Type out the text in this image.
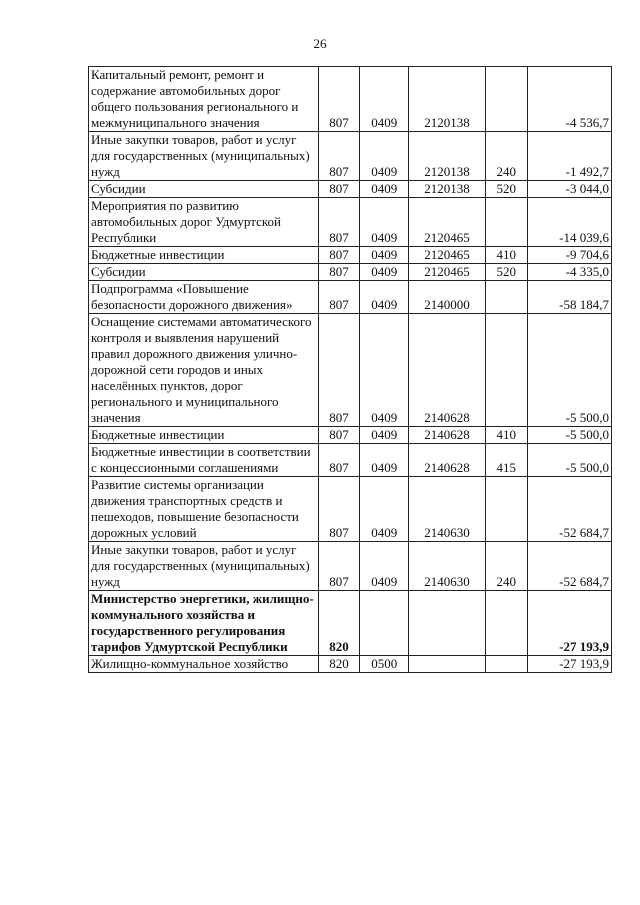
26
Капитальный ремонт, ремонт и содержание автомобильных дорог общего пользования регионального и межмуниципального значения	807	0409	2120138		-4 536,7
Иные закупки товаров, работ и услуг для государственных (муниципальных) нужд	807	0409	2120138	240	-1 492,7
Субсидии	807	0409	2120138	520	-3 044,0
Мероприятия по развитию автомобильных дорог Удмуртской Республики	807	0409	2120465		-14 039,6
Бюджетные инвестиции	807	0409	2120465	410	-9 704,6
Субсидии	807	0409	2120465	520	-4 335,0
Подпрограмма «Повышение безопасности дорожного движения»	807	0409	2140000		-58 184,7
Оснащение системами автоматического контроля и выявления нарушений правил дорожного движения улично-дорожной сети городов и иных населённых пунктов, дорог регионального и муниципального значения	807	0409	2140628		-5 500,0
Бюджетные инвестиции	807	0409	2140628	410	-5 500,0
Бюджетные инвестиции в соответствии с концессионными соглашениями	807	0409	2140628	415	-5 500,0
Развитие системы организации движения транспортных средств и пешеходов, повышение безопасности дорожных условий	807	0409	2140630		-52 684,7
Иные закупки товаров, работ и услуг для государственных (муниципальных) нужд	807	0409	2140630	240	-52 684,7
Министерство энергетики, жилищно-коммунального хозяйства и государственного регулирования тарифов Удмуртской Республики	820				-27 193,9
Жилищно-коммунальное хозяйство	820	0500			-27 193,9
